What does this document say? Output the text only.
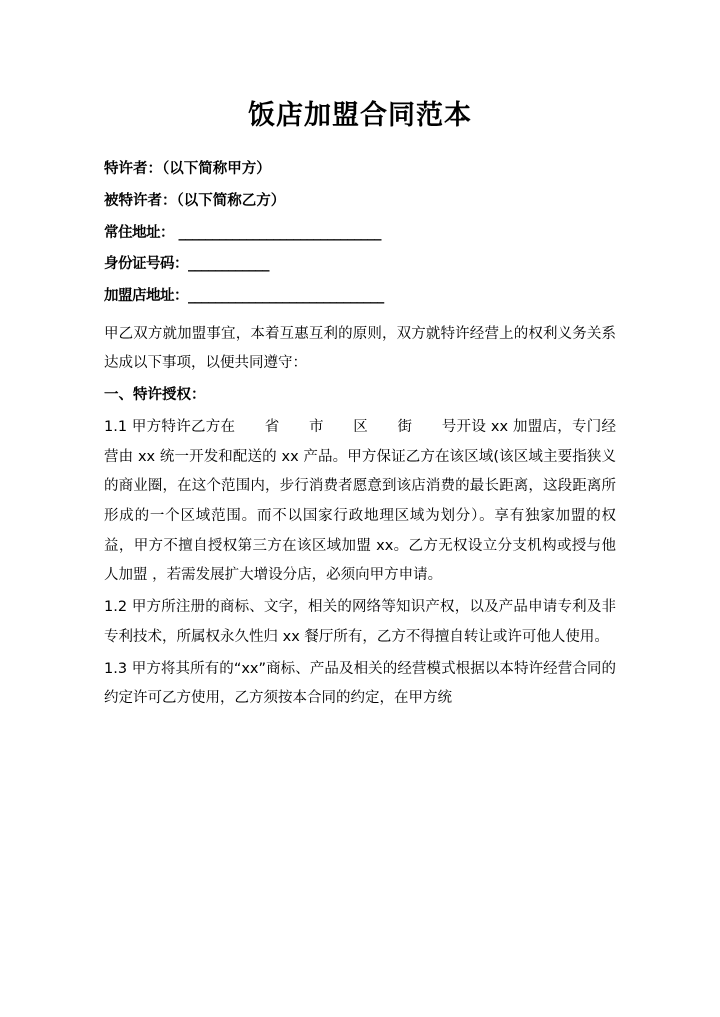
饭店加盟合同范本

特许者：（以下简称甲方）

被特许者：（以下简称乙方）

常住地址： ______________________________

身份证号码：____________

加盟店地址：_____________________________

甲乙双方就加盟事宜，本着互惠互利的原则，双方就特许经营上的权利义务关系达成以下事项，以便共同遵守：

一、特许授权：

1.1 甲方特许乙方在　　省　　市　　区　　街　　号开设 xx 加盟店，专门经营由 xx 统一开发和配送的 xx 产品。甲方保证乙方在该区域(该区域主要指狭义的商业圈，在这个范围内，步行消费者愿意到该店消费的最长距离，这段距离所形成的一个区域范围。而不以国家行政地理区域为划分）。享有独家加盟的权益，甲方不擅自授权第三方在该区域加盟 xx。乙方无权设立分支机构或授与他人加盟 ，若需发展扩大增设分店，必须向甲方申请。

1.2 甲方所注册的商标、文字，相关的网络等知识产权，以及产品申请专利及非专利技术，所属权永久性归 xx 餐厅所有，乙方不得擅自转让或许可他人使用。

1.3 甲方将其所有的“xx”商标、产品及相关的经营模式根据以本特许经营合同的约定许可乙方使用，乙方须按本合同的约定，在甲方统
